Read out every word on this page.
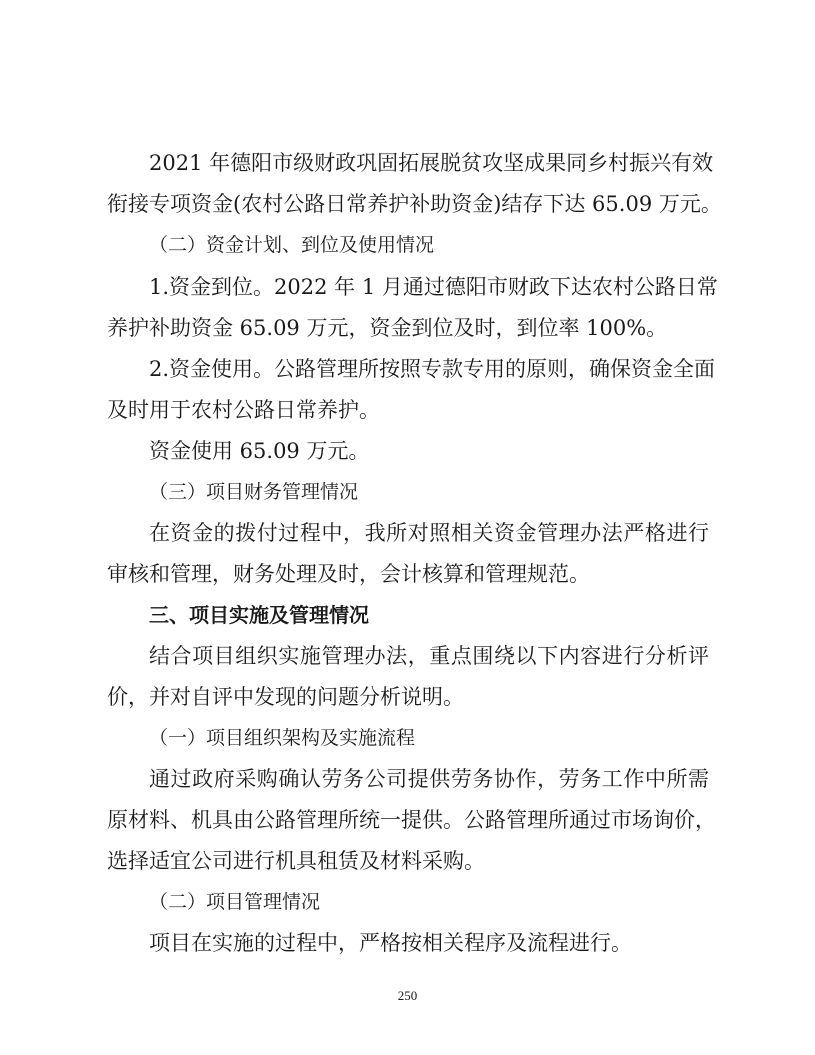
2021 年德阳市级财政巩固拓展脱贫攻坚成果同乡村振兴有效
衔接专项资金(农村公路日常养护补助资金)结存下达 65.09 万元。
（二）资金计划、到位及使用情况
1.资金到位。2022 年 1 月通过德阳市财政下达农村公路日常
养护补助资金 65.09 万元，资金到位及时，到位率 100%。
2.资金使用。公路管理所按照专款专用的原则，确保资金全面
及时用于农村公路日常养护。
资金使用 65.09 万元。
（三）项目财务管理情况
在资金的拨付过程中，我所对照相关资金管理办法严格进行
审核和管理，财务处理及时，会计核算和管理规范。
三、项目实施及管理情况
结合项目组织实施管理办法，重点围绕以下内容进行分析评
价，并对自评中发现的问题分析说明。
（一）项目组织架构及实施流程
通过政府采购确认劳务公司提供劳务协作，劳务工作中所需
原材料、机具由公路管理所统一提供。公路管理所通过市场询价，
选择适宜公司进行机具租赁及材料采购。
（二）项目管理情况
项目在实施的过程中，严格按相关程序及流程进行。
250
